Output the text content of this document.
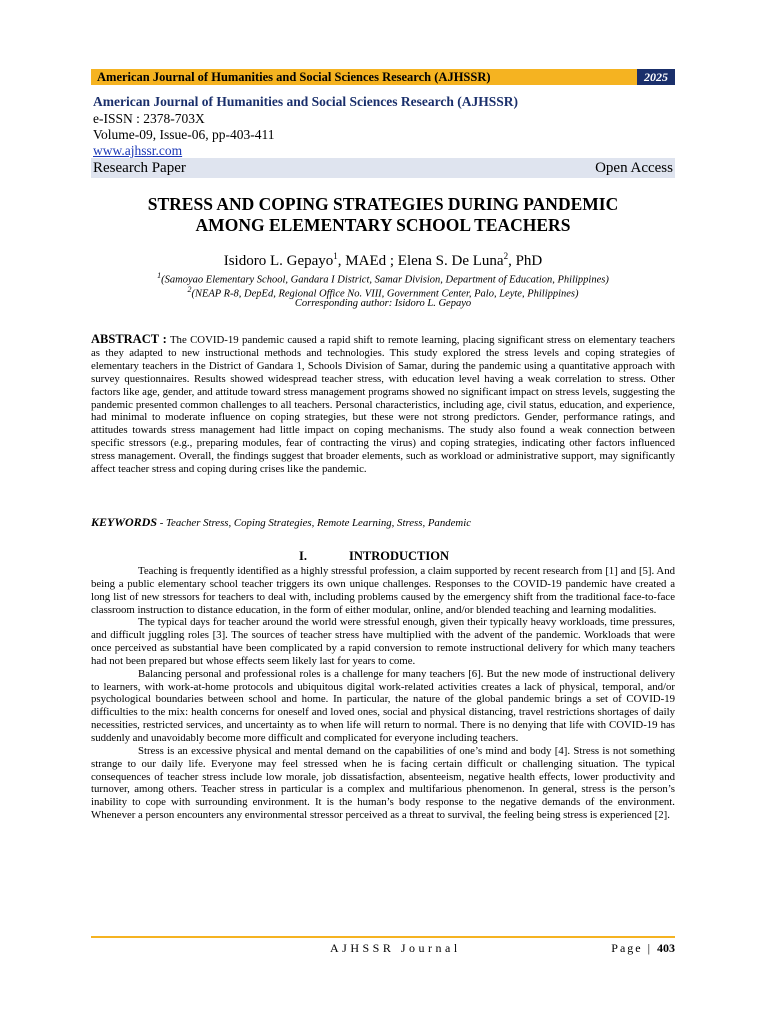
American Journal of Humanities and Social Sciences Research (AJHSSR)	2025
American Journal of Humanities and Social Sciences Research (AJHSSR)
e-ISSN : 2378-703X
Volume-09, Issue-06, pp-403-411
www.ajhssr.com
Research Paper	Open Access
STRESS AND COPING STRATEGIES DURING PANDEMIC
AMONG ELEMENTARY SCHOOL TEACHERS
Isidoro L. Gepayo$^1$, MAEd ; Elena S. De Luna$^2$, PhD
$^1$(Samoyao Elementary School, Gandara I District, Samar Division, Department of Education, Philippines)
$^2$(NEAP R-8, DepEd, Regional Office No. VIII, Government Center, Palo, Leyte, Philippines)
Corresponding author: Isidoro L. Gepayo
ABSTRACT : The COVID-19 pandemic caused a rapid shift to remote learning, placing significant stress on elementary teachers as they adapted to new instructional methods and technologies. This study explored the stress levels and coping strategies of elementary teachers in the District of Gandara 1, Schools Division of Samar, during the pandemic using a quantitative approach with survey questionnaires. Results showed widespread teacher stress, with education level having a weak correlation to stress. Other factors like age, gender, and attitude toward stress management programs showed no significant impact on stress levels, suggesting the pandemic presented common challenges to all teachers. Personal characteristics, including age, civil status, education, and experience, had minimal to moderate influence on coping strategies, but these were not strong predictors. Gender, performance ratings, and attitudes towards stress management had little impact on coping mechanisms. The study also found a weak connection between specific stressors (e.g., preparing modules, fear of contracting the virus) and coping strategies, indicating other factors influenced stress management. Overall, the findings suggest that broader elements, such as workload or administrative support, may significantly affect teacher stress and coping during crises like the pandemic.
KEYWORDS - Teacher Stress, Coping Strategies, Remote Learning, Stress, Pandemic
I.	INTRODUCTION

Teaching is frequently identified as a highly stressful profession, a claim supported by recent research from [1] and [5]. And being a public elementary school teacher triggers its own unique challenges. Responses to the COVID-19 pandemic have created a long list of new stressors for teachers to deal with, including problems caused by the emergency shift from the traditional face-to-face classroom instruction to distance education, in the form of either modular, online, and/or blended teaching and learning modalities.

The typical days for teacher around the world were stressful enough, given their typically heavy workloads, time pressures, and difficult juggling roles [3]. The sources of teacher stress have multiplied with the advent of the pandemic. Workloads that were once perceived as substantial have been complicated by a rapid conversion to remote instructional delivery for which many teachers had not been prepared but whose effects seem likely last for years to come.

Balancing personal and professional roles is a challenge for many teachers [6]. But the new mode of instructional delivery to learners, with work-at-home protocols and ubiquitous digital work-related activities creates a lack of physical, temporal, and/or psychological boundaries between school and home. In particular, the nature of the global pandemic brings a set of COVID-19 difficulties to the mix: health concerns for oneself and loved ones, social and physical distancing, travel restrictions shortages of daily necessities, restricted services, and uncertainty as to when life will return to normal. There is no denying that life with COVID-19 has suddenly and unavoidably become more difficult and complicated for everyone including teachers.

Stress is an excessive physical and mental demand on the capabilities of one’s mind and body [4]. Stress is not something strange to our daily life. Everyone may feel stressed when he is facing certain difficult or challenging situation. The typical consequences of teacher stress include low morale, job dissatisfaction, absenteeism, negative health effects, lower productivity and turnover, among others. Teacher stress in particular is a complex and multifarious phenomenon. In general, stress is the person’s inability to cope with surrounding environment. It is the human’s body response to the negative demands of the environment. Whenever a person encounters any environmental stressor perceived as a threat to survival, the feeling being stress is experienced [2].

AJHSSR Journal	Page | 403
